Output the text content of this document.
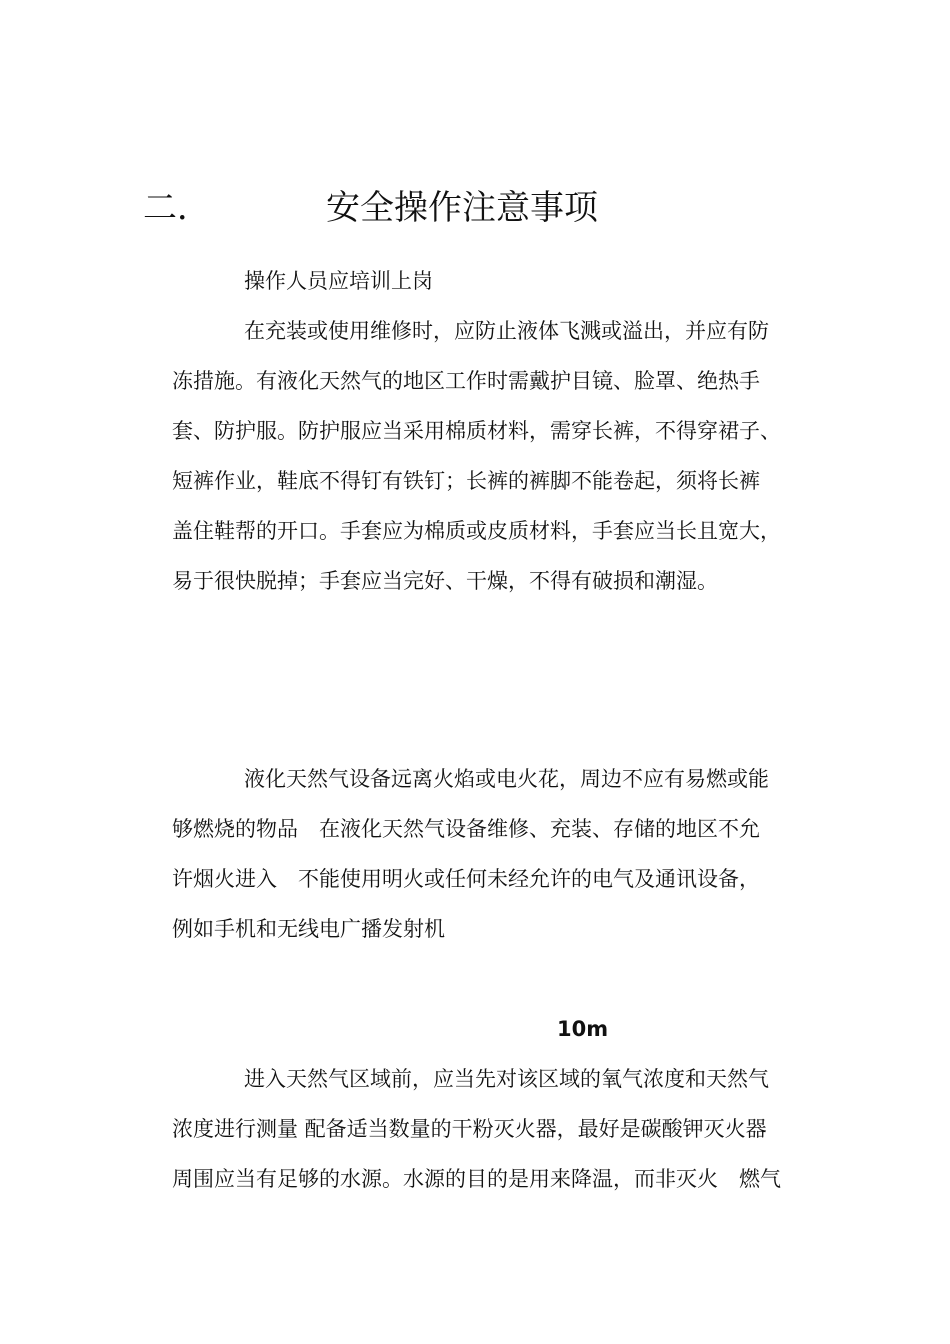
二．	安全操作注意事项
操作人员应培训上岗
在充装或使用维修时，应防止液体飞溅或溢出，并应有防
冻措施。有液化天然气的地区工作时需戴护目镜、脸罩、绝热手
套、防护服。防护服应当采用棉质材料，需穿长裤，不得穿裙子、
短裤作业，鞋底不得钉有铁钉；长裤的裤脚不能卷起，须将长裤
盖住鞋帮的开口。手套应为棉质或皮质材料，手套应当长且宽大，
易于很快脱掉；手套应当完好、干燥，不得有破损和潮湿。
液化天然气设备远离火焰或电火花，周边不应有易燃或能
够燃烧的物品　在液化天然气设备维修、充装、存储的地区不允
许烟火进入　不能使用明火或任何未经允许的电气及通讯设备，
例如手机和无线电广播发射机
10m
进入天然气区域前，应当先对该区域的氧气浓度和天然气
浓度进行测量 配备适当数量的干粉灭火器，最好是碳酸钾灭火器
周围应当有足够的水源。水源的目的是用来降温，而非灭火　燃气
